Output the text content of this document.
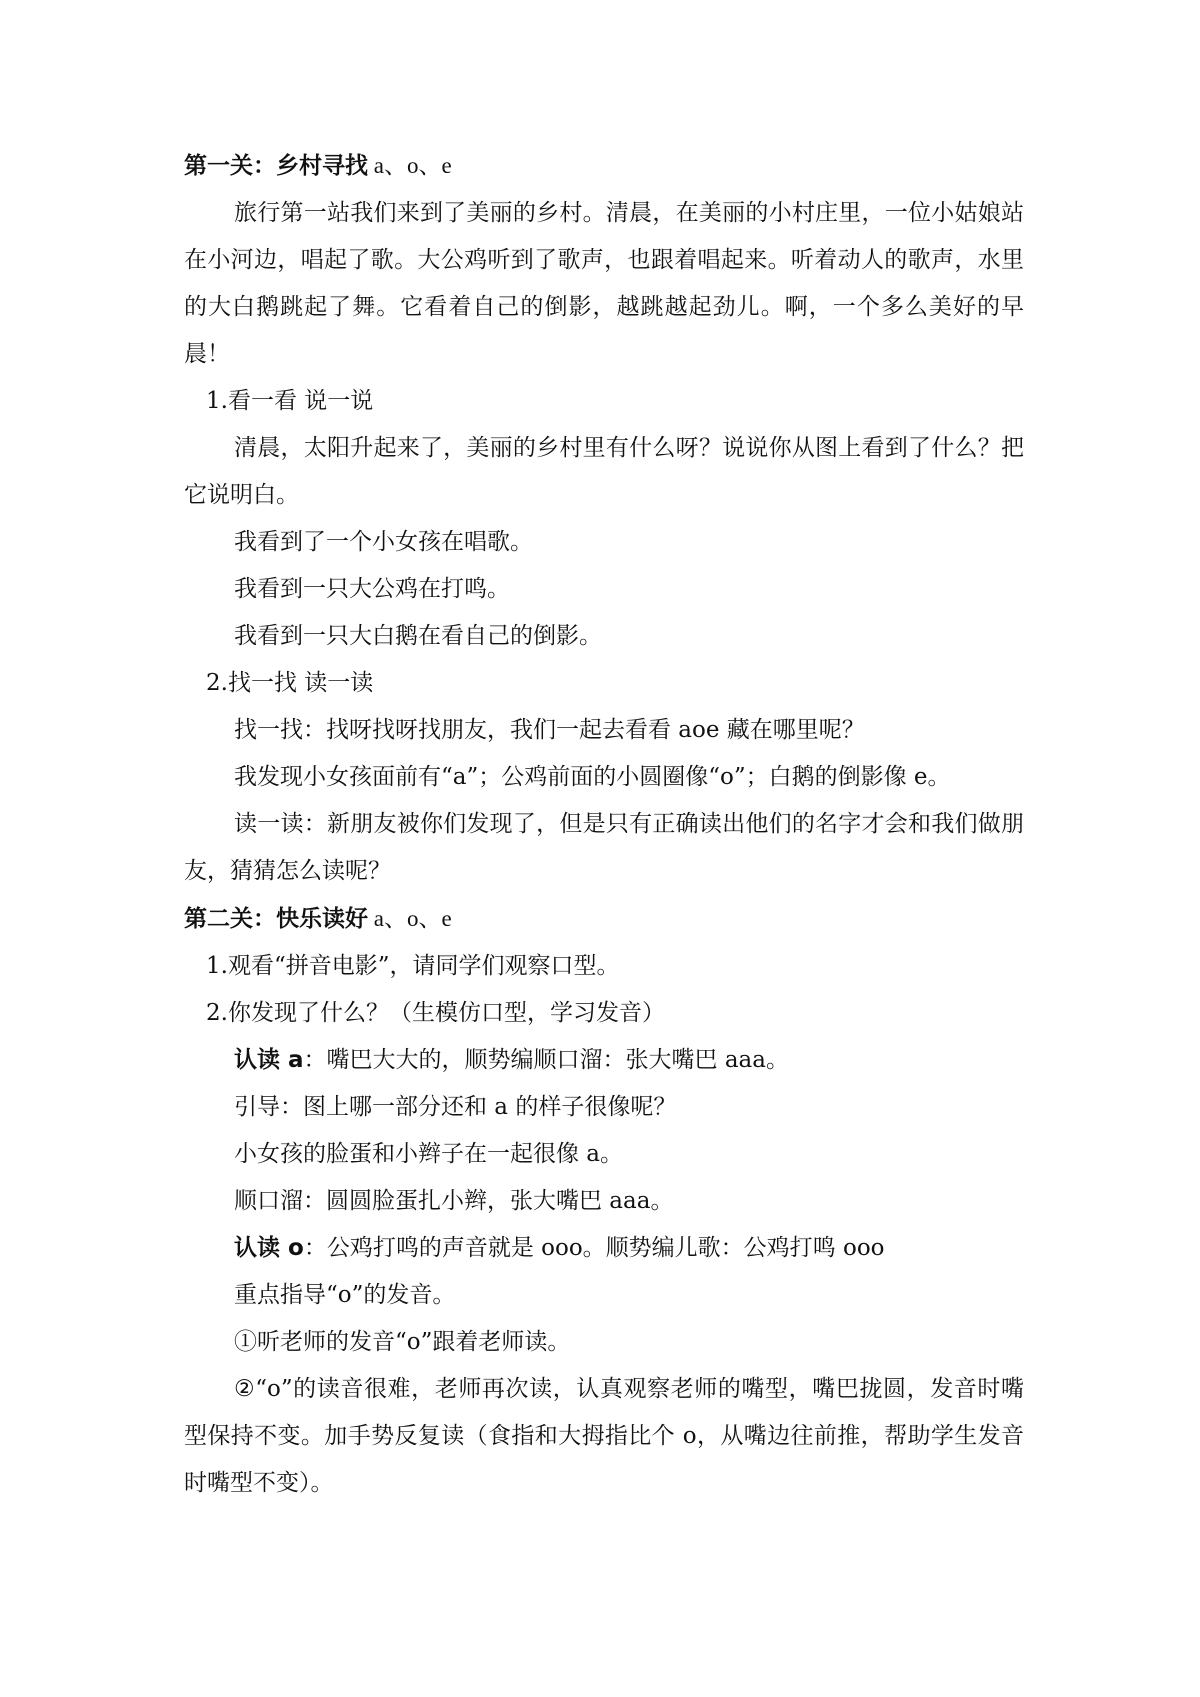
第一关：乡村寻找 a、o、e

旅行第一站我们来到了美丽的乡村。清晨，在美丽的小村庄里，一位小姑娘站在小河边，唱起了歌。大公鸡听到了歌声，也跟着唱起来。听着动人的歌声，水里的大白鹅跳起了舞。它看着自己的倒影，越跳越起劲儿。啊，一个多么美好的早晨！

1.看一看 说一说

清晨，太阳升起来了，美丽的乡村里有什么呀？说说你从图上看到了什么？把它说明白。

我看到了一个小女孩在唱歌。

我看到一只大公鸡在打鸣。

我看到一只大白鹅在看自己的倒影。

2.找一找 读一读

找一找：找呀找呀找朋友，我们一起去看看 aoe 藏在哪里呢？

我发现小女孩面前有“a”；公鸡前面的小圆圈像“o”；白鹅的倒影像 e。

读一读：新朋友被你们发现了，但是只有正确读出他们的名字才会和我们做朋友，猜猜怎么读呢？

第二关：快乐读好 a、o、e

1.观看“拼音电影”，请同学们观察口型。

2.你发现了什么？（生模仿口型，学习发音）

认读 a：嘴巴大大的，顺势编顺口溜：张大嘴巴 aaa。

引导：图上哪一部分还和 a 的样子很像呢？

小女孩的脸蛋和小辫子在一起很像 a。

顺口溜：圆圆脸蛋扎小辫，张大嘴巴 aaa。

认读 o：公鸡打鸣的声音就是 ooo。顺势编儿歌：公鸡打鸣 ooo

重点指导“o”的发音。

①听老师的发音“o”跟着老师读。

②“o”的读音很难，老师再次读，认真观察老师的嘴型，嘴巴拢圆，发音时嘴型保持不变。加手势反复读（食指和大拇指比个 o，从嘴边往前推，帮助学生发音时嘴型不变）。
